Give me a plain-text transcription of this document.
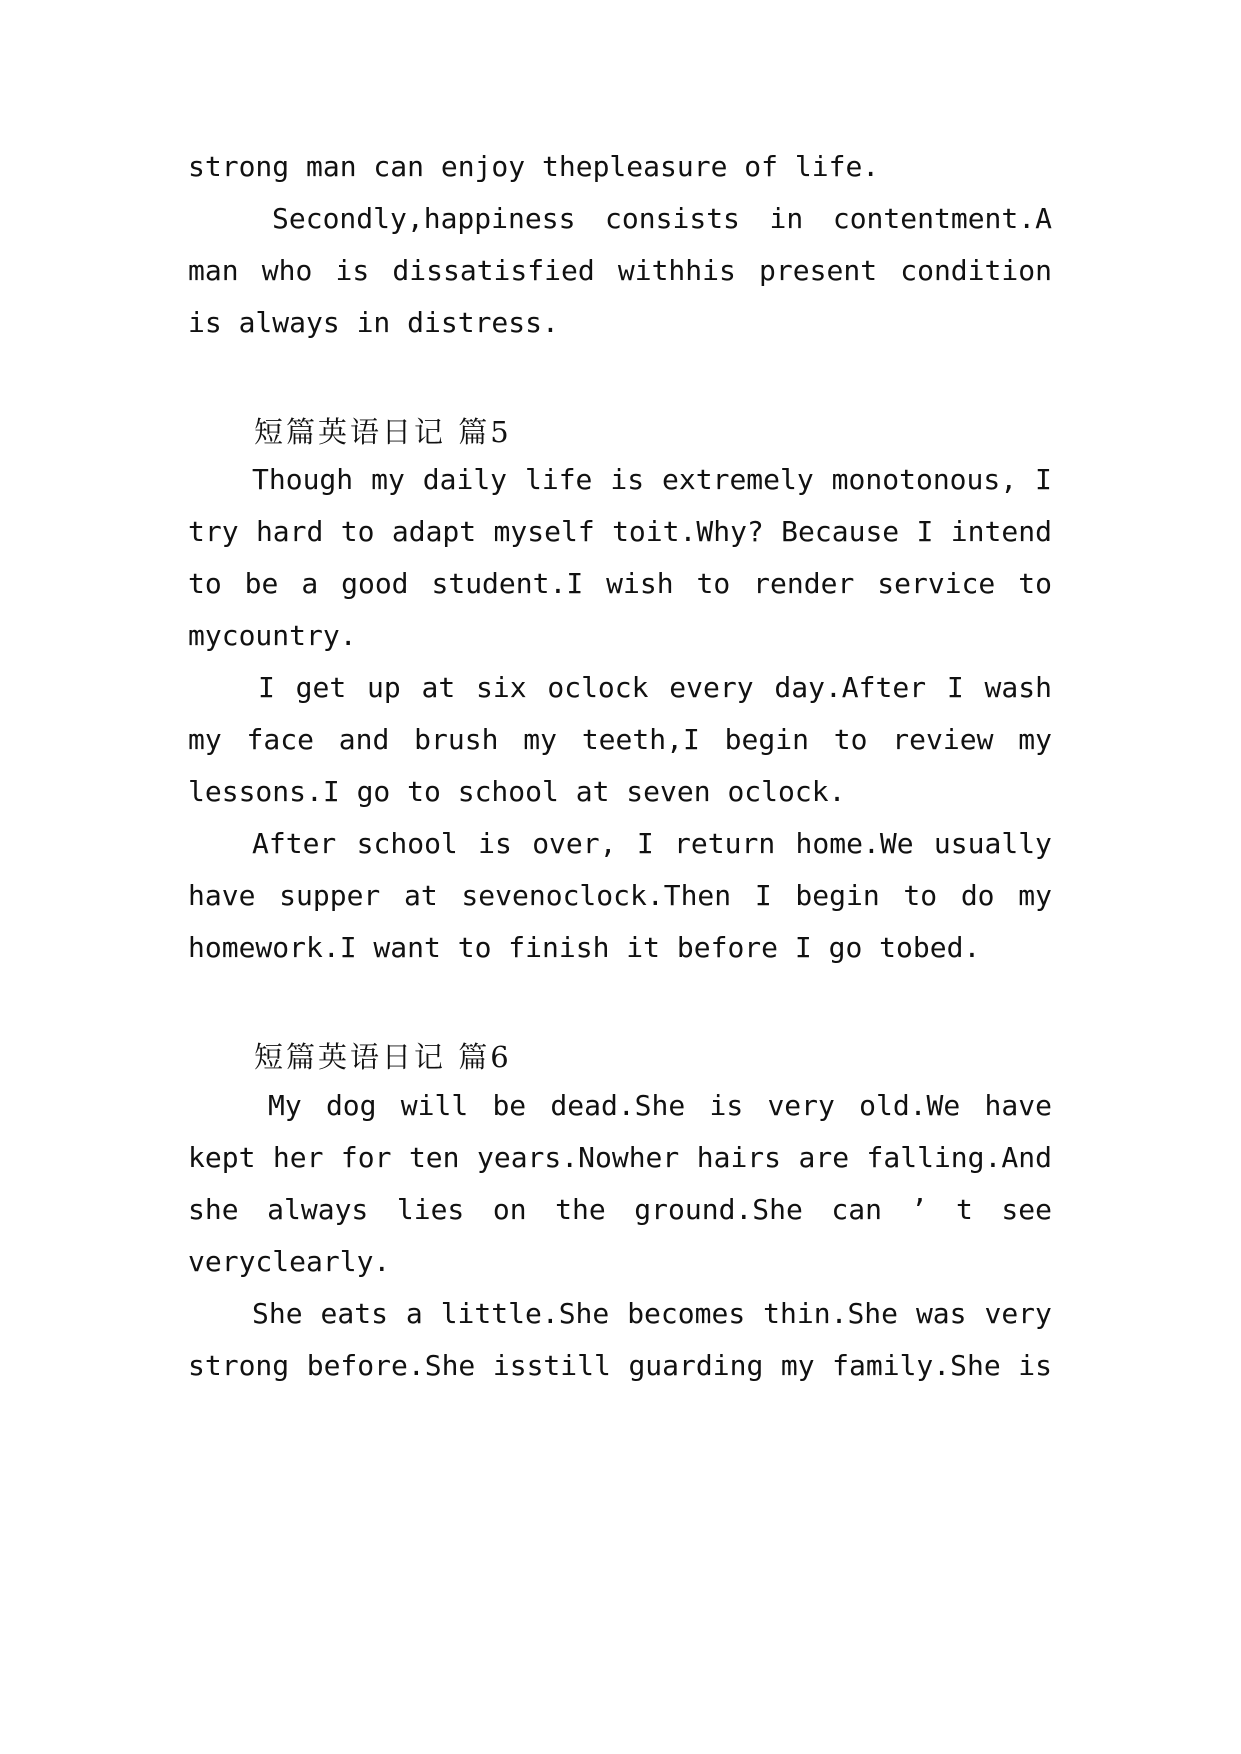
strong man can enjoy thepleasure of life.
Secondly,happiness consists in contentment.A
man who is dissatisfied withhis present condition
is always in distress.
短篇英语日记 篇5
Though my daily life is extremely monotonous, I
try hard to adapt myself toit.Why? Because I intend
to be a good student.I wish to render service to
mycountry.
I get up at six oclock every day.After I wash
my face and brush my teeth,I begin to review my
lessons.I go to school at seven oclock.
After school is over, I return home.We usually
have supper at sevenoclock.Then I begin to do my
homework.I want to finish it before I go tobed.
短篇英语日记 篇6
My dog will be dead.She is very old.We have
kept her for ten years.Nowher hairs are falling.And
she always lies on the ground.She can ’ t see
veryclearly.
She eats a little.She becomes thin.She was very
strong before.She isstill guarding my family.She is
